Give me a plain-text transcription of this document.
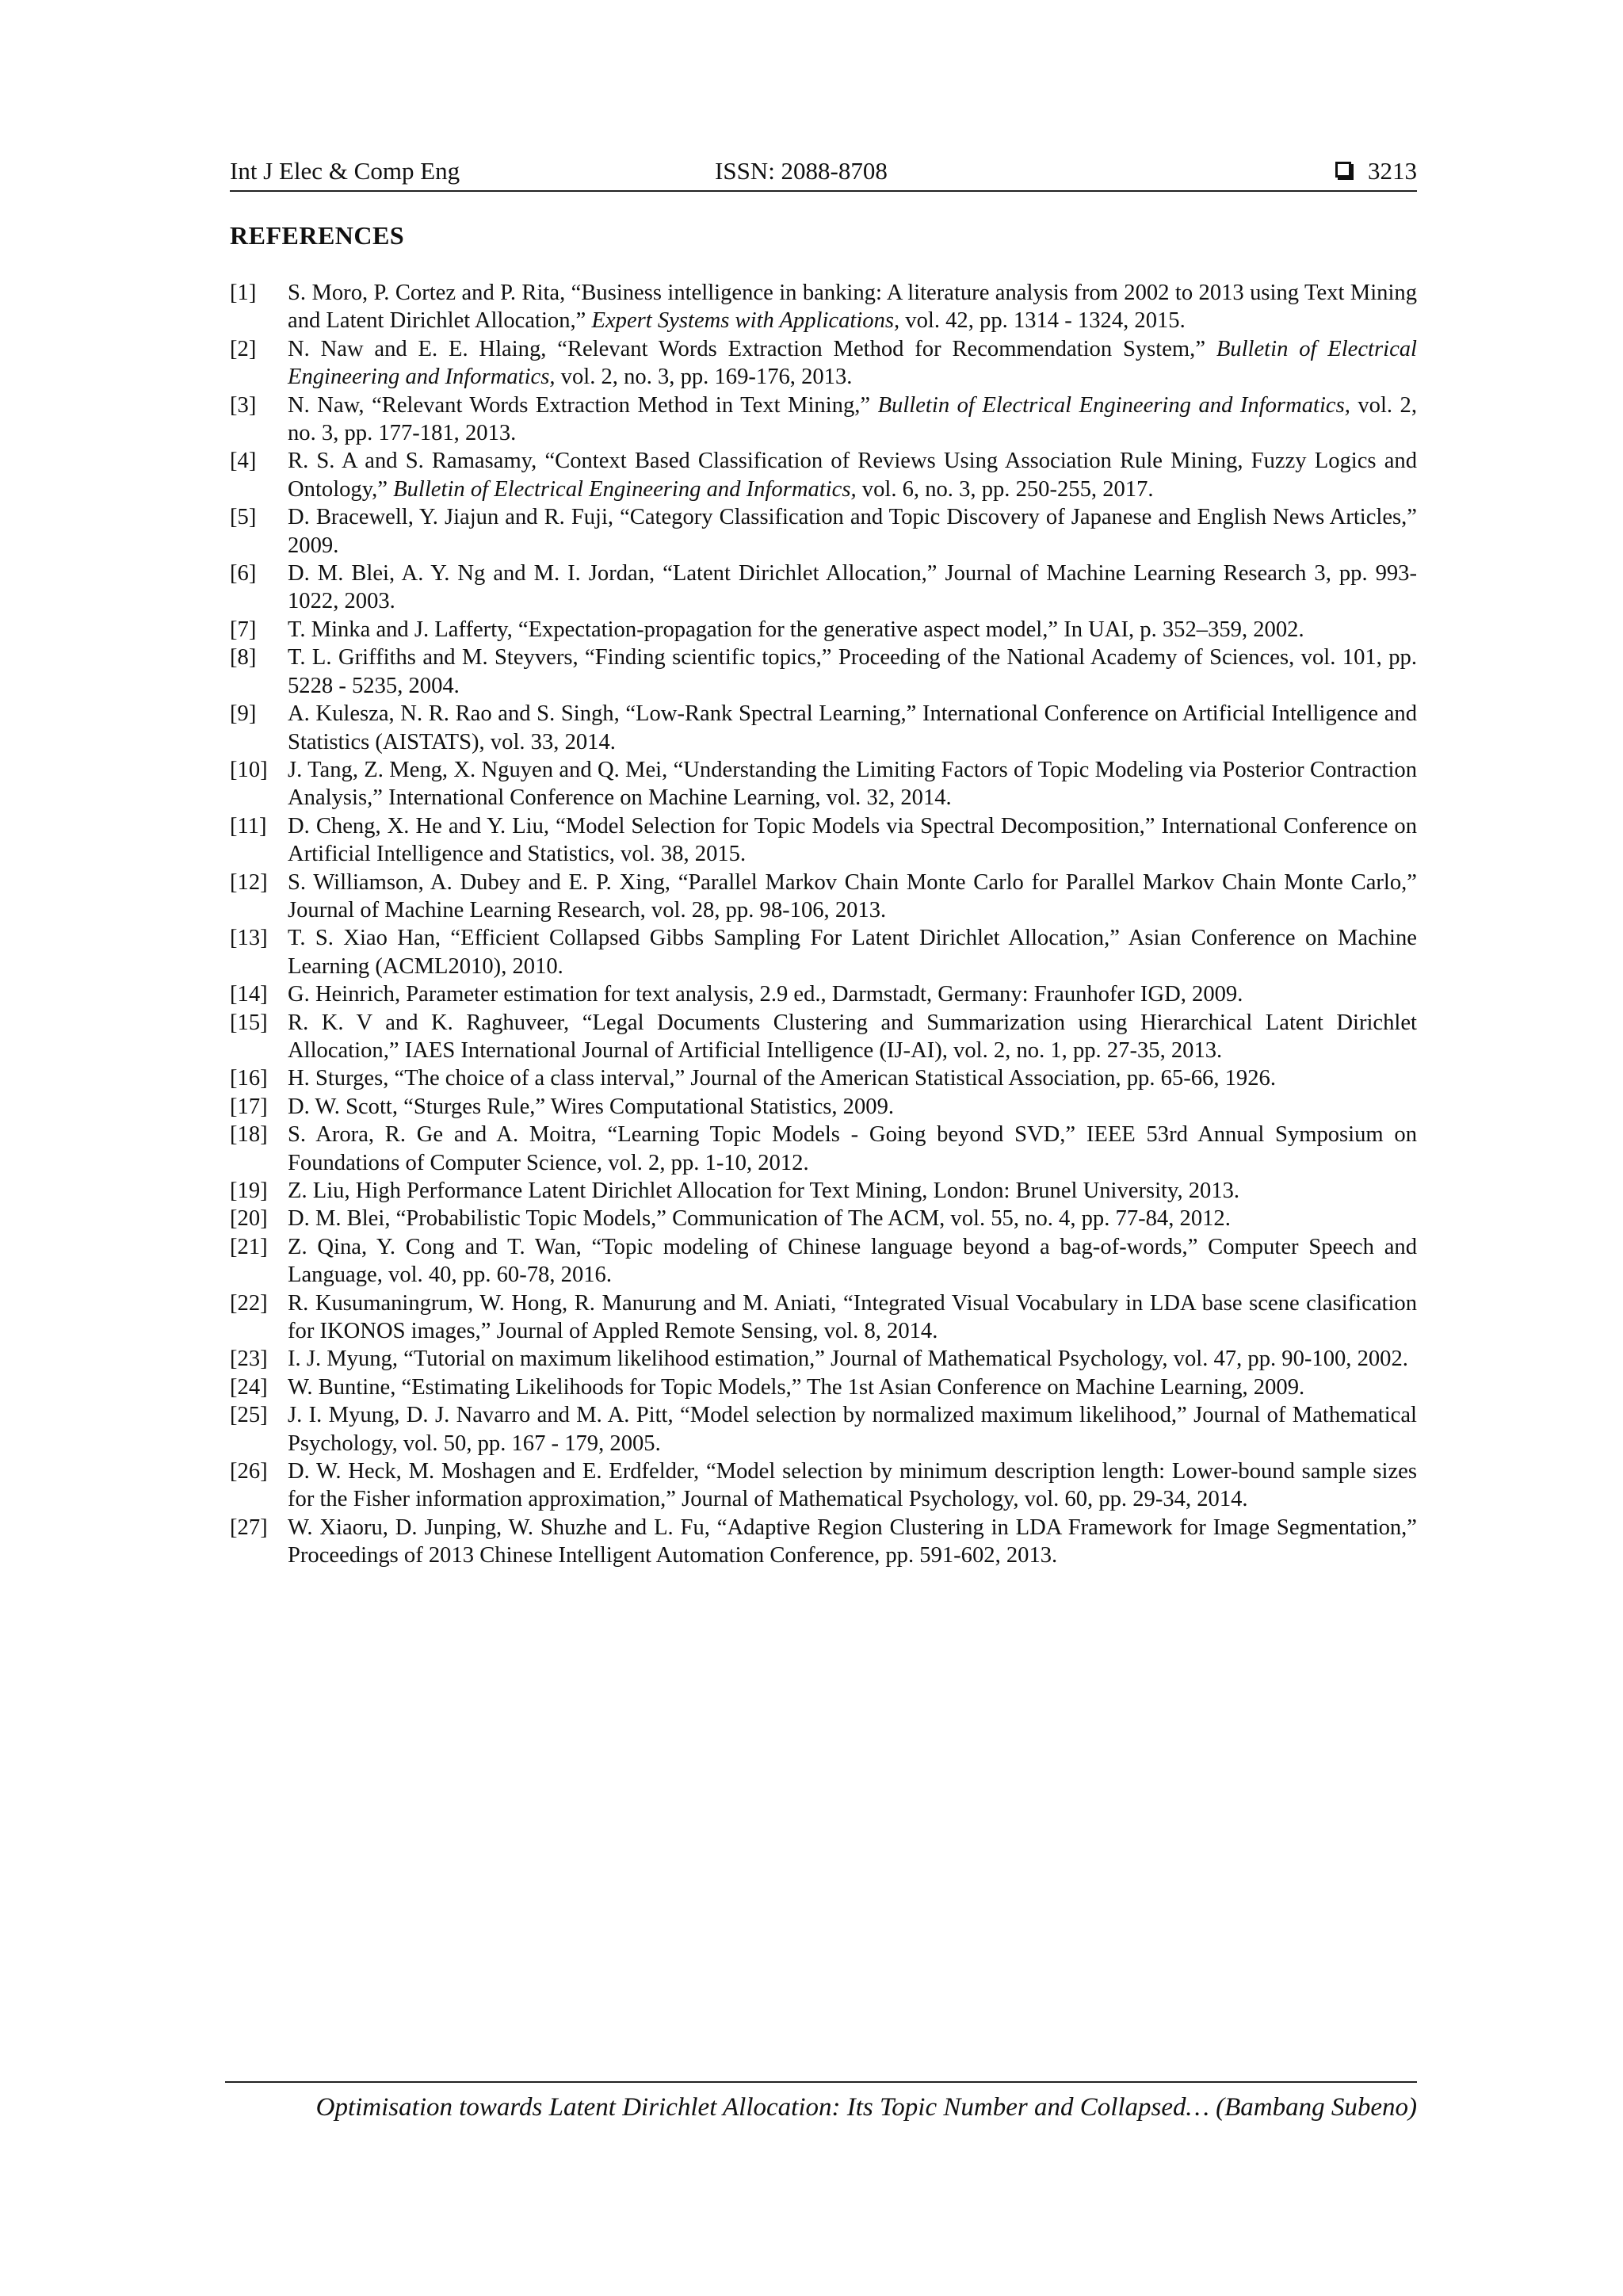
Int J Elec & Comp Eng	ISSN: 2088-8708	3213
REFERENCES
[1] S. Moro, P. Cortez and P. Rita, “Business intelligence in banking: A literature analysis from 2002 to 2013 using Text Mining and Latent Dirichlet Allocation,” Expert Systems with Applications, vol. 42, pp. 1314 - 1324, 2015.
[2] N. Naw and E. E. Hlaing, “Relevant Words Extraction Method for Recommendation System,” Bulletin of Electrical Engineering and Informatics, vol. 2, no. 3, pp. 169-176, 2013.
[3] N. Naw, “Relevant Words Extraction Method in Text Mining,” Bulletin of Electrical Engineering and Informatics, vol. 2, no. 3, pp. 177-181, 2013.
[4] R. S. A and S. Ramasamy, “Context Based Classification of Reviews Using Association Rule Mining, Fuzzy Logics and Ontology,” Bulletin of Electrical Engineering and Informatics, vol. 6, no. 3, pp. 250-255, 2017.
[5] D. Bracewell, Y. Jiajun and R. Fuji, “Category Classification and Topic Discovery of Japanese and English News Articles,” 2009.
[6] D. M. Blei, A. Y. Ng and M. I. Jordan, “Latent Dirichlet Allocation,” Journal of Machine Learning Research 3, pp. 993-1022, 2003.
[7] T. Minka and J. Lafferty, “Expectation-propagation for the generative aspect model,” In UAI, p. 352–359, 2002.
[8] T. L. Griffiths and M. Steyvers, “Finding scientific topics,” Proceeding of the National Academy of Sciences, vol. 101, pp. 5228 - 5235, 2004.
[9] A. Kulesza, N. R. Rao and S. Singh, “Low-Rank Spectral Learning,” International Conference on Artificial Intelligence and Statistics (AISTATS), vol. 33, 2014.
[10] J. Tang, Z. Meng, X. Nguyen and Q. Mei, “Understanding the Limiting Factors of Topic Modeling via Posterior Contraction Analysis,” International Conference on Machine Learning, vol. 32, 2014.
[11] D. Cheng, X. He and Y. Liu, “Model Selection for Topic Models via Spectral Decomposition,” International Conference on Artificial Intelligence and Statistics, vol. 38, 2015.
[12] S. Williamson, A. Dubey and E. P. Xing, “Parallel Markov Chain Monte Carlo for Parallel Markov Chain Monte Carlo,” Journal of Machine Learning Research, vol. 28, pp. 98-106, 2013.
[13] T. S. Xiao Han, “Efficient Collapsed Gibbs Sampling For Latent Dirichlet Allocation,” Asian Conference on Machine Learning (ACML2010), 2010.
[14] G. Heinrich, Parameter estimation for text analysis, 2.9 ed., Darmstadt, Germany: Fraunhofer IGD, 2009.
[15] R. K. V and K. Raghuveer, “Legal Documents Clustering and Summarization using Hierarchical Latent Dirichlet Allocation,” IAES International Journal of Artificial Intelligence (IJ-AI), vol. 2, no. 1, pp. 27-35, 2013.
[16] H. Sturges, “The choice of a class interval,” Journal of the American Statistical Association, pp. 65-66, 1926.
[17] D. W. Scott, “Sturges Rule,” Wires Computational Statistics, 2009.
[18] S. Arora, R. Ge and A. Moitra, “Learning Topic Models - Going beyond SVD,” IEEE 53rd Annual Symposium on Foundations of Computer Science, vol. 2, pp. 1-10, 2012.
[19] Z. Liu, High Performance Latent Dirichlet Allocation for Text Mining, London: Brunel University, 2013.
[20] D. M. Blei, “Probabilistic Topic Models,” Communication of The ACM, vol. 55, no. 4, pp. 77-84, 2012.
[21] Z. Qina, Y. Cong and T. Wan, “Topic modeling of Chinese language beyond a bag-of-words,” Computer Speech and Language, vol. 40, pp. 60-78, 2016.
[22] R. Kusumaningrum, W. Hong, R. Manurung and M. Aniati, “Integrated Visual Vocabulary in LDA base scene clasification for IKONOS images,” Journal of Appled Remote Sensing, vol. 8, 2014.
[23] I. J. Myung, “Tutorial on maximum likelihood estimation,” Journal of Mathematical Psychology, vol. 47, pp. 90-100, 2002.
[24] W. Buntine, “Estimating Likelihoods for Topic Models,” The 1st Asian Conference on Machine Learning, 2009.
[25] J. I. Myung, D. J. Navarro and M. A. Pitt, “Model selection by normalized maximum likelihood,” Journal of Mathematical Psychology, vol. 50, pp. 167 - 179, 2005.
[26] D. W. Heck, M. Moshagen and E. Erdfelder, “Model selection by minimum description length: Lower-bound sample sizes for the Fisher information approximation,” Journal of Mathematical Psychology, vol. 60, pp. 29-34, 2014.
[27] W. Xiaoru, D. Junping, W. Shuzhe and L. Fu, “Adaptive Region Clustering in LDA Framework for Image Segmentation,” Proceedings of 2013 Chinese Intelligent Automation Conference, pp. 591-602, 2013.
Optimisation towards Latent Dirichlet Allocation: Its Topic Number and Collapsed… (Bambang Subeno)
